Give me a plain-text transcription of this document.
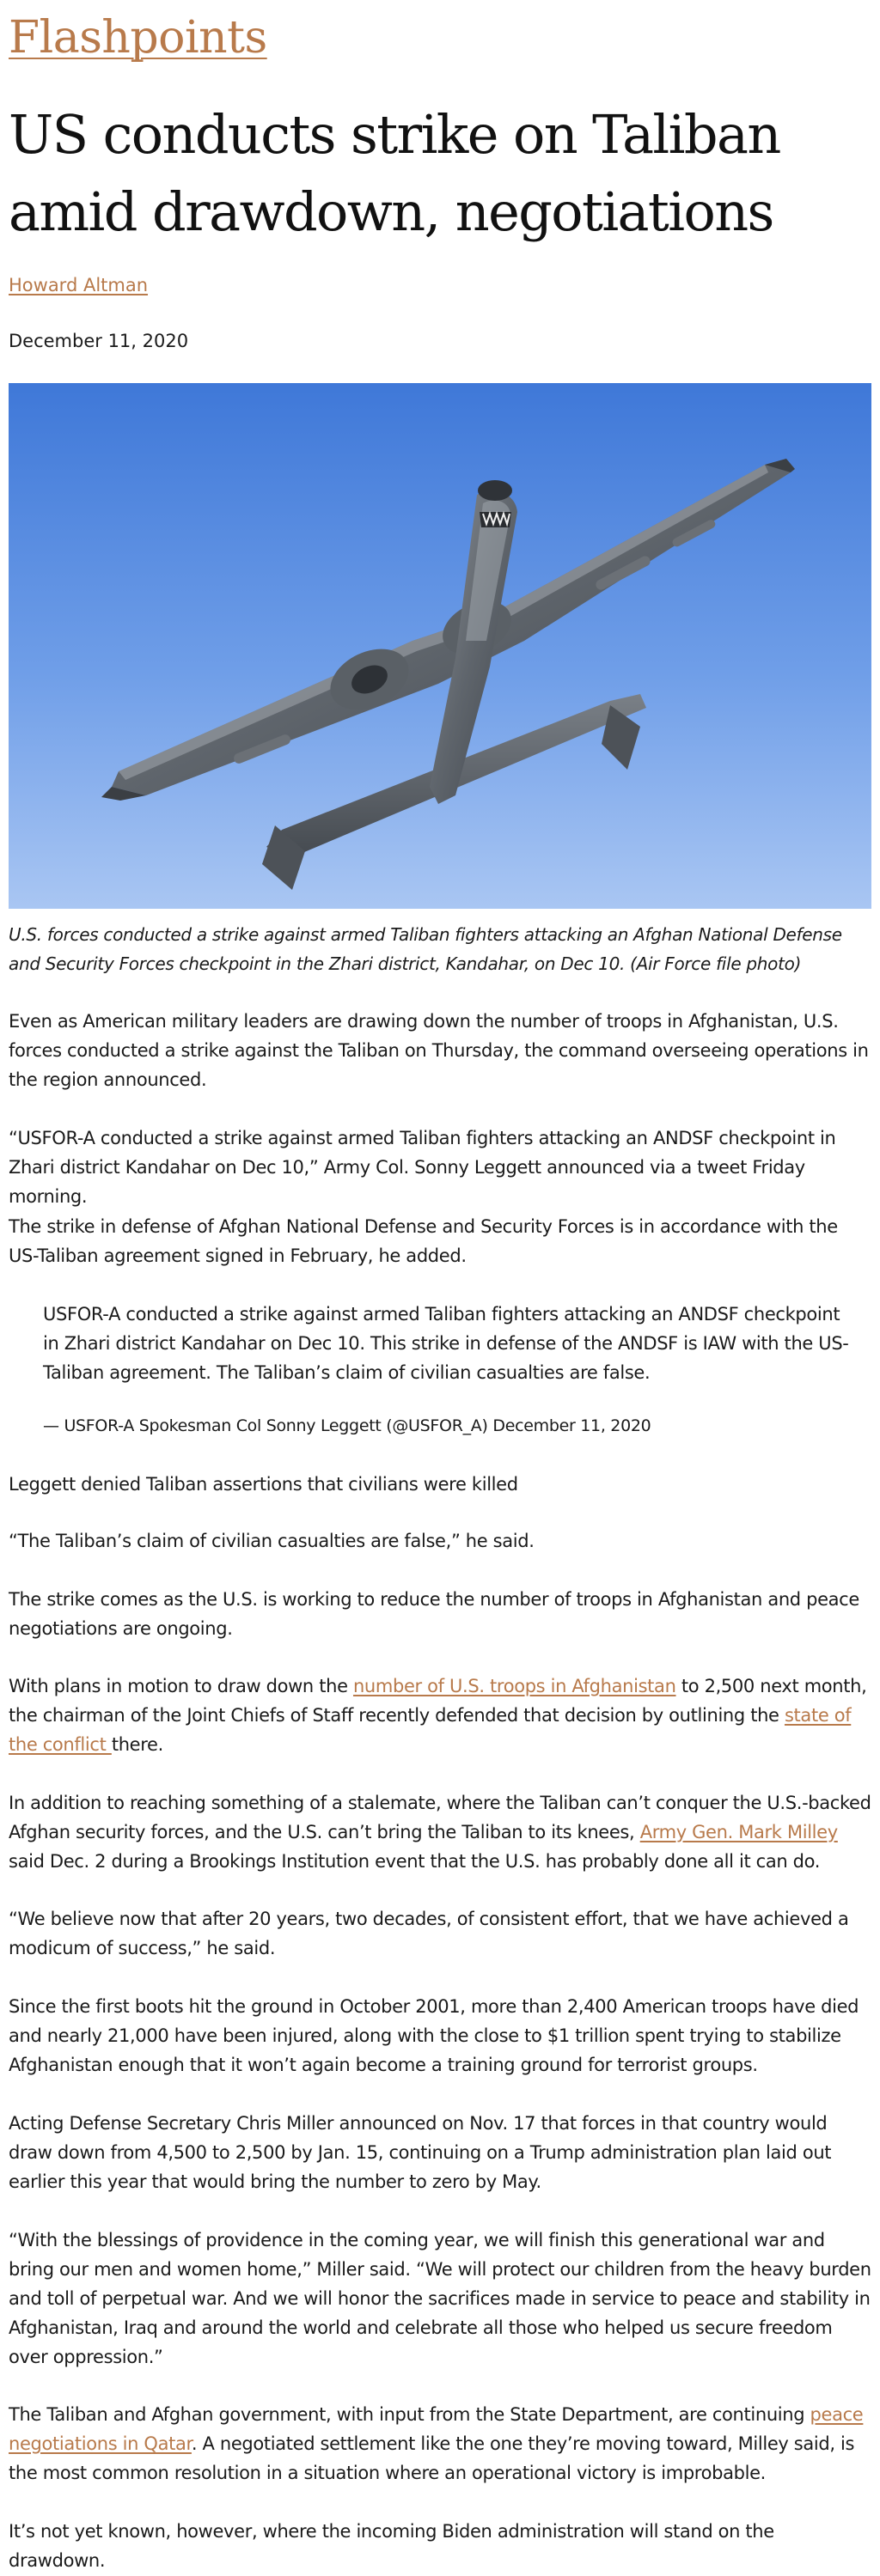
Flashpoints
US conducts strike on Taliban amid drawdown, negotiations
Howard Altman
December 11, 2020

U.S. forces conducted a strike against armed Taliban fighters attacking an Afghan National Defense and Security Forces checkpoint in the Zhari district, Kandahar, on Dec 10. (Air Force file photo)

Even as American military leaders are drawing down the number of troops in Afghanistan, U.S. forces conducted a strike against the Taliban on Thursday, the command overseeing operations in the region announced.

“USFOR-A conducted a strike against armed Taliban fighters attacking an ANDSF checkpoint in Zhari district Kandahar on Dec 10,” Army Col. Sonny Leggett announced via a tweet Friday morning.

The strike in defense of Afghan National Defense and Security Forces is in accordance with the US-Taliban agreement signed in February, he added.

USFOR-A conducted a strike against armed Taliban fighters attacking an ANDSF checkpoint in Zhari district Kandahar on Dec 10. This strike in defense of the ANDSF is IAW with the US-Taliban agreement. The Taliban’s claim of civilian casualties are false.

— USFOR-A Spokesman Col Sonny Leggett (@USFOR_A) December 11, 2020

Leggett denied Taliban assertions that civilians were killed

“The Taliban’s claim of civilian casualties are false,” he said.

The strike comes as the U.S. is working to reduce the number of troops in Afghanistan and peace negotiations are ongoing.

With plans in motion to draw down the number of U.S. troops in Afghanistan to 2,500 next month, the chairman of the Joint Chiefs of Staff recently defended that decision by outlining the state of the conflict there.

In addition to reaching something of a stalemate, where the Taliban can’t conquer the U.S.-backed Afghan security forces, and the U.S. can’t bring the Taliban to its knees, Army Gen. Mark Milley said Dec. 2 during a Brookings Institution event that the U.S. has probably done all it can do.

“We believe now that after 20 years, two decades, of consistent effort, that we have achieved a modicum of success,” he said.

Since the first boots hit the ground in October 2001, more than 2,400 American troops have died and nearly 21,000 have been injured, along with the close to $1 trillion spent trying to stabilize Afghanistan enough that it won’t again become a training ground for terrorist groups.

Acting Defense Secretary Chris Miller announced on Nov. 17 that forces in that country would draw down from 4,500 to 2,500 by Jan. 15, continuing on a Trump administration plan laid out earlier this year that would bring the number to zero by May.

“With the blessings of providence in the coming year, we will finish this generational war and bring our men and women home,” Miller said. “We will protect our children from the heavy burden and toll of perpetual war. And we will honor the sacrifices made in service to peace and stability in Afghanistan, Iraq and around the world and celebrate all those who helped us secure freedom over oppression.”

The Taliban and Afghan government, with input from the State Department, are continuing peace negotiations in Qatar. A negotiated settlement like the one they’re moving toward, Milley said, is the most common resolution in a situation where an operational victory is improbable.

It’s not yet known, however, where the incoming Biden administration will stand on the drawdown.
